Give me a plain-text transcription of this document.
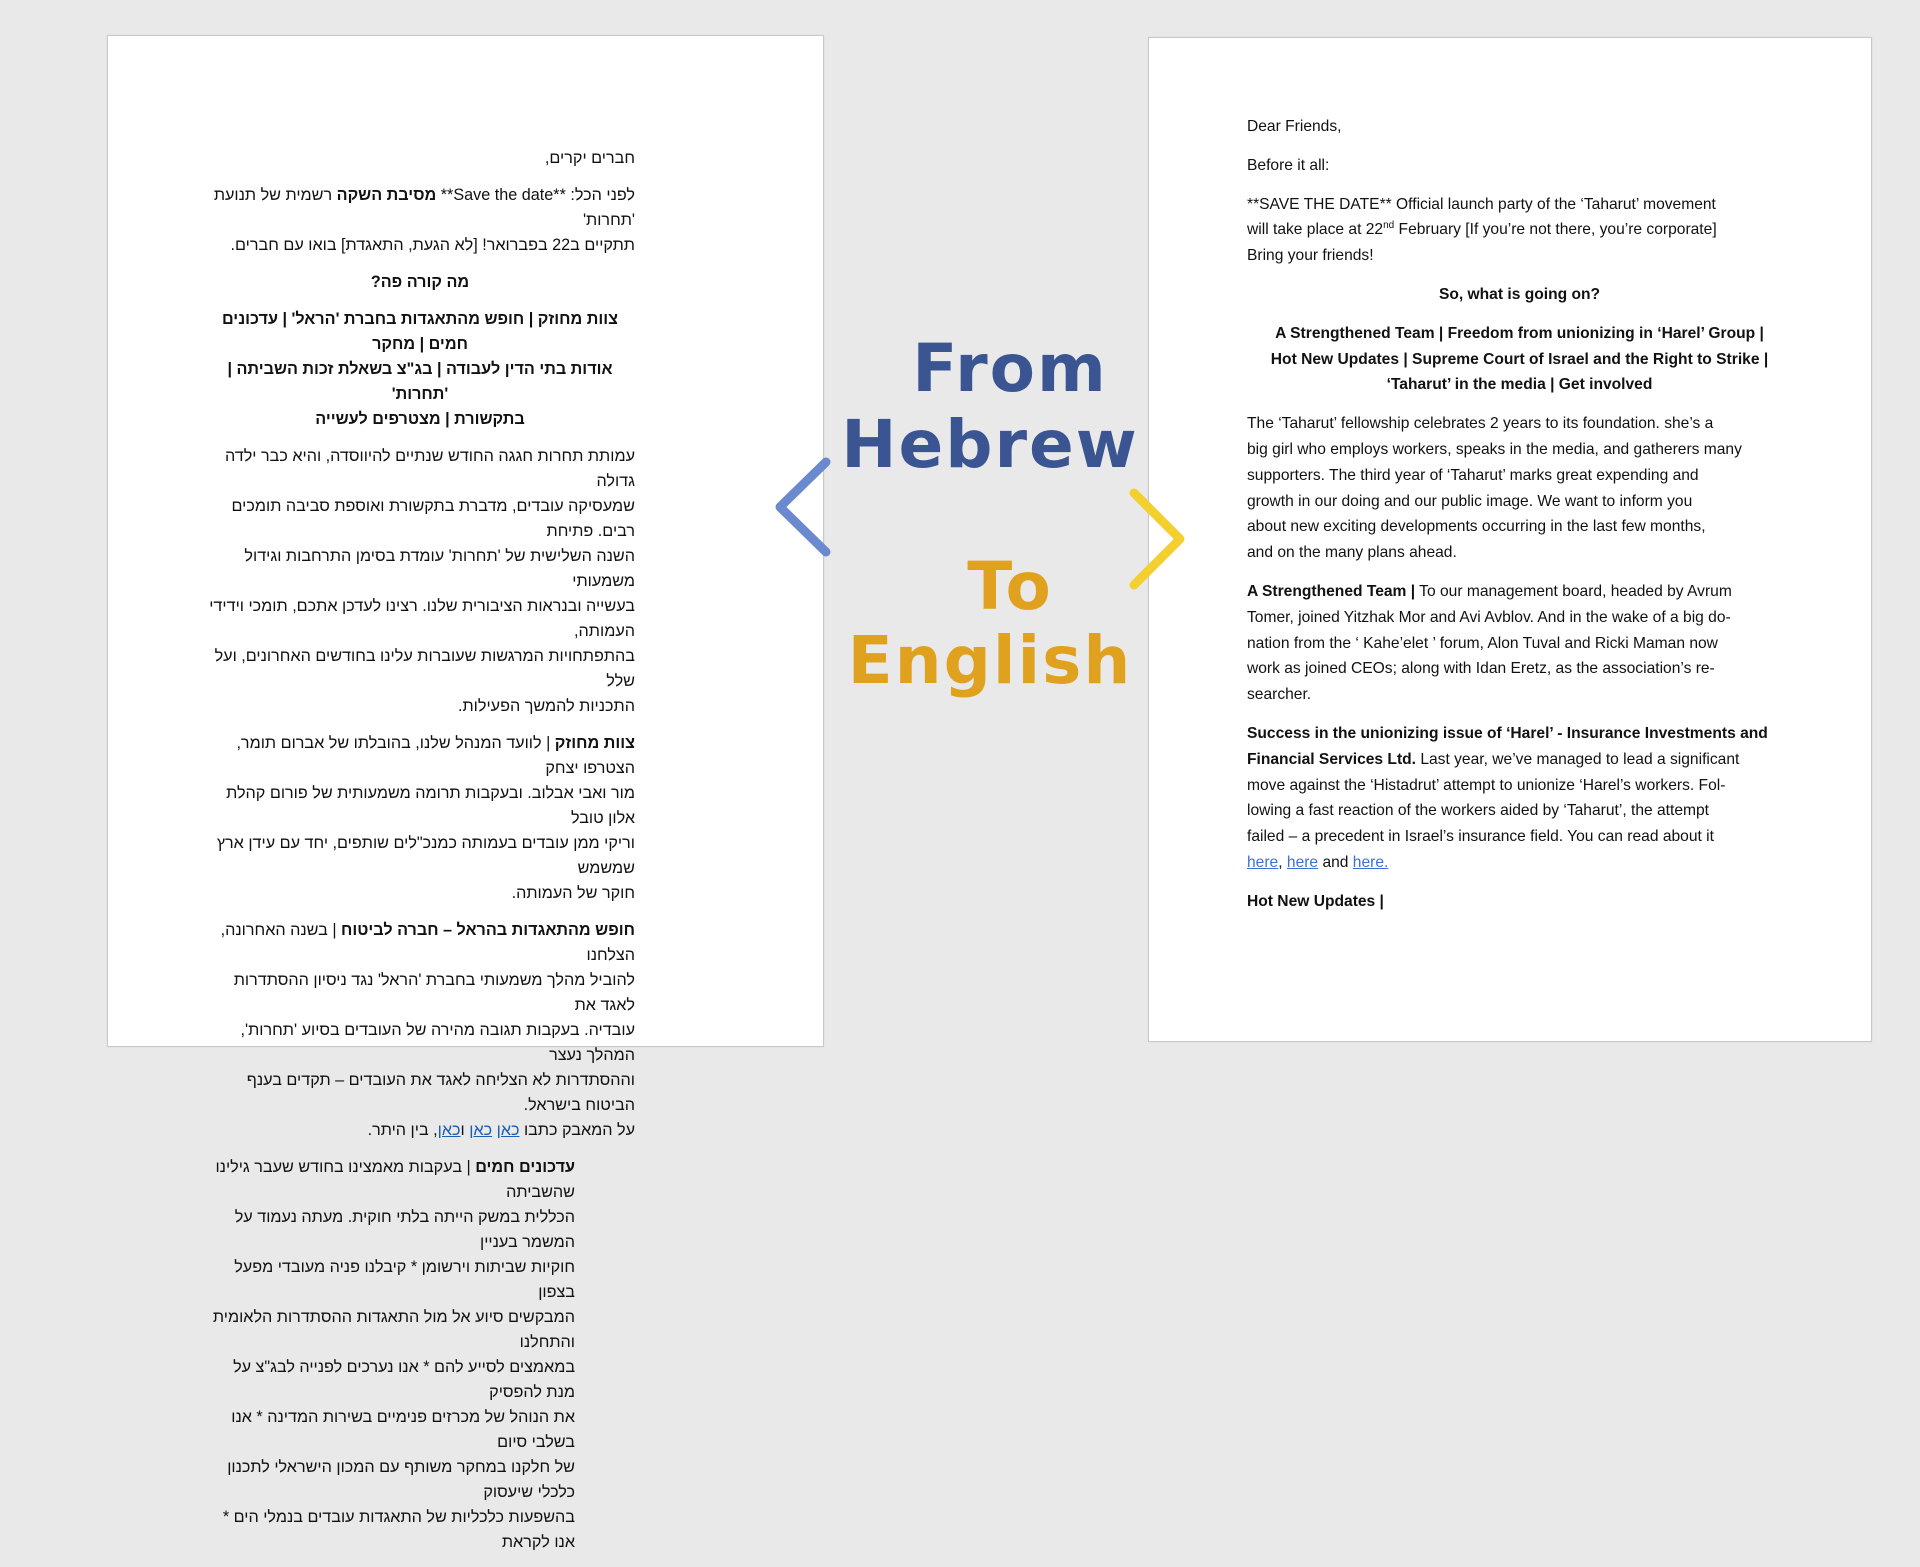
חברים יקרים,

לפני הכל: **Save the date** מסיבת השקה רשמית של תנועת 'תחרות'
תתקיים ב22 בפברואר! [לא הגעת, התאגדת] בואו עם חברים.

מה קורה פה?

צוות מחוזק | חופש מהתאגדות בחברת 'הראל' | עדכונים חמים | מחקר
אודות בתי הדין לעבודה | בג"צ בשאלת זכות השביתה | 'תחרות'
בתקשורת | מצטרפים לעשייה

עמותת תחרות חגגה החודש שנתיים להיווסדה, והיא כבר ילדה גדולה
שמעסיקה עובדים, מדברת בתקשורת ואוספת סביבה תומכים רבים. פתיחת
השנה השלישית של 'תחרות' עומדת בסימן התרחבות וגידול משמעותי
בעשייה ובנראות הציבורית שלנו. רצינו לעדכן אתכם, תומכי וידידי העמותה,
בהתפתחויות המרגשות שעוברות עלינו בחודשים האחרונים, ועל שלל
התכניות להמשך הפעילות.

צוות מחוזק | לוועד המנהל שלנו, בהובלתו של אברום תומר, הצטרפו יצחק
מור ואבי אבלוב. ובעקבות תרומה משמעותית של פורום קהלת אלון טובל
וריקי ממן עובדים בעמותה כמנכ"לים שותפים, יחד עם עידן ארץ שמשמש
חוקר של העמותה.

חופש מהתאגדות בהראל – חברה לביטוח | בשנה האחרונה, הצלחנו
להוביל מהלך משמעותי בחברת 'הראל' נגד ניסיון ההסתדרות לאגד את
עובדיה. בעקבות תגובה מהירה של העובדים בסיוע 'תחרות', המהלך נעצר
וההסתדרות לא הצליחה לאגד את העובדים – תקדים בענף הביטוח בישראל.
על המאבק כתבו כאן כאן וכאן, בין היתר.

עדכונים חמים | בעקבות מאמצינו בחודש שעבר גילינו שהשביתה
הכללית במשק הייתה בלתי חוקית. מעתה נעמוד על המשמר בעניין
חוקיות שביתות וירשומן * קיבלנו פניה מעובדי מפעל בצפון
המבקשים סיוע אל מול התאגדות ההסתדרות הלאומית והתחלנו
במאמצים לסייע להם * אנו נערכים לפנייה לבג"צ על מנת להפסיק
את הנוהל של מכרזים פנימיים בשירות המדינה * אנו בשלבי סיום
של חלקנו במחקר משותף עם המכון הישראלי לתכנון כלכלי שיעסוק
בהשפעות כלכליות של התאגדות עובדים בנמלי הים * אנו לקראת

Dear Friends,

Before it all:

**SAVE THE DATE** Official launch party of the ‘Taharut’ movement
will take place at 22nd February [If you’re not there, you’re corporate]
Bring your friends!

So, what is going on?

A Strengthened Team | Freedom from unionizing in ‘Harel’ Group |
Hot New Updates | Supreme Court of Israel and the Right to Strike |
‘Taharut’ in the media | Get involved

The ‘Taharut’ fellowship celebrates 2 years to its foundation. she’s a
big girl who employs workers, speaks in the media, and gatherers many
supporters. The third year of ‘Taharut’ marks great expending and
growth in our doing and our public image. We want to inform you
about new exciting developments occurring in the last few months,
and on the many plans ahead.

A Strengthened Team | To our management board, headed by Avrum
Tomer, joined Yitzhak Mor and Avi Avblov. And in the wake of a big do-
nation from the ‘ Kahe’elet ’ forum, Alon Tuval and Ricki Maman now
work as joined CEOs; along with Idan Eretz, as the association’s re-
searcher.

Success in the unionizing issue of ‘Harel’ - Insurance Investments and
Financial Services Ltd. Last year, we’ve managed to lead a significant
move against the ‘Histadrut’ attempt to unionize ‘Harel’s workers. Fol-
lowing a fast reaction of the workers aided by ‘Taharut’, the attempt
failed – a precedent in Israel’s insurance field. You can read about it
here, here and here.

Hot New Updates |

From
Hebrew
To
English
